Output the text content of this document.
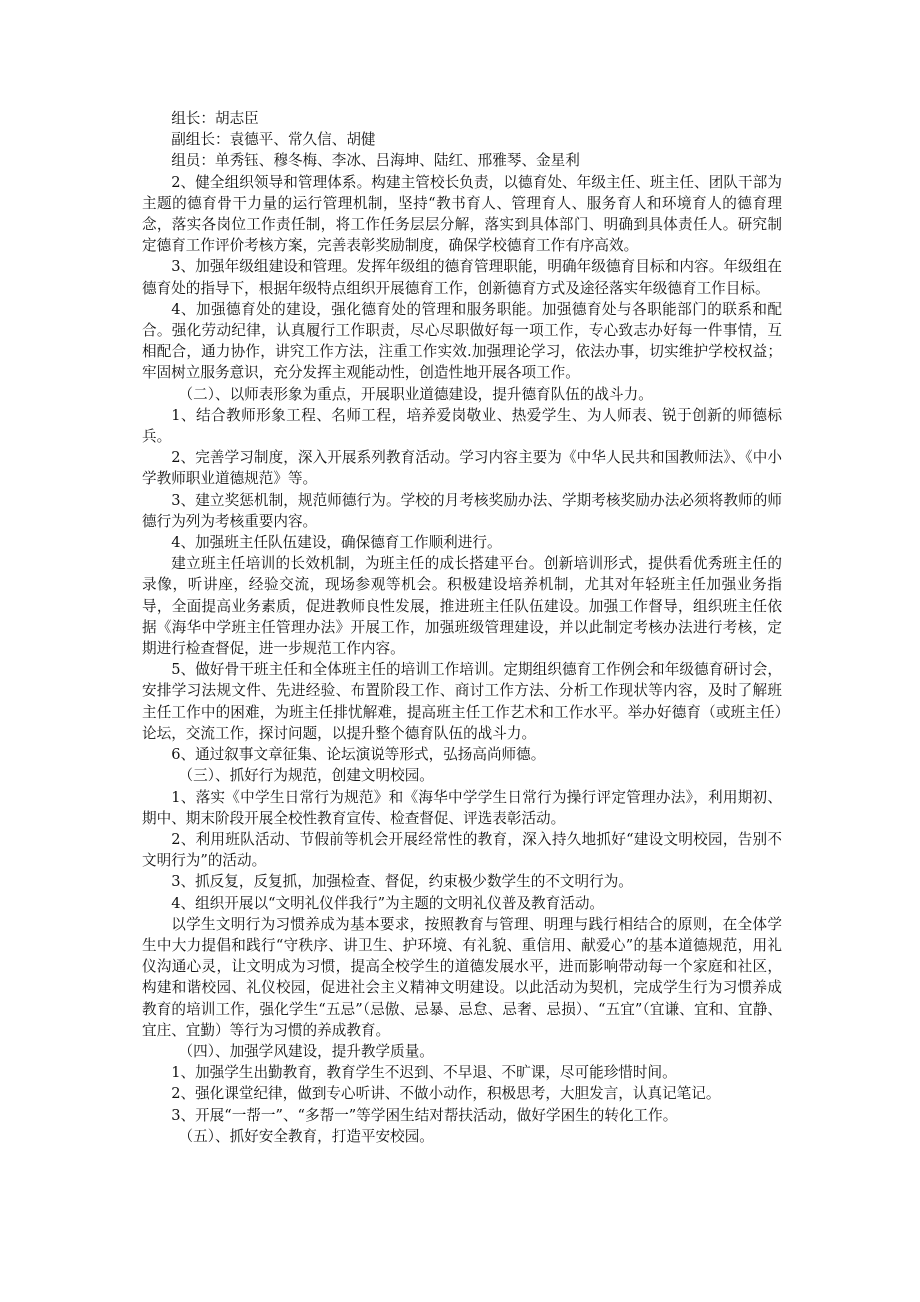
组长：胡志臣

副组长：袁德平、常久信、胡健

组员：单秀钰、穆冬梅、李冰、吕海坤、陆红、邢雅琴、金星利

2、健全组织领导和管理体系。构建主管校长负责，以德育处、年级主任、班主任、团队干部为主题的德育骨干力量的运行管理机制，坚持“教书育人、管理育人、服务育人和环境育人的德育理念，落实各岗位工作责任制，将工作任务层层分解，落实到具体部门、明确到具体责任人。研究制定德育工作评价考核方案，完善表彰奖励制度，确保学校德育工作有序高效。

3、加强年级组建设和管理。发挥年级组的德育管理职能，明确年级德育目标和内容。年级组在德育处的指导下，根据年级特点组织开展德育工作，创新德育方式及途径落实年级德育工作目标。

4、加强德育处的建设，强化德育处的管理和服务职能。加强德育处与各职能部门的联系和配合。强化劳动纪律，认真履行工作职责，尽心尽职做好每一项工作，专心致志办好每一件事情，互相配合，通力协作，讲究工作方法，注重工作实效.加强理论学习，依法办事，切实维护学校权益；牢固树立服务意识，充分发挥主观能动性，创造性地开展各项工作。

（二）、以师表形象为重点，开展职业道德建设，提升德育队伍的战斗力。

1、结合教师形象工程、名师工程，培养爱岗敬业、热爱学生、为人师表、锐于创新的师德标兵。

2、完善学习制度，深入开展系列教育活动。学习内容主要为《中华人民共和国教师法》、《中小学教师职业道德规范》等。

3、建立奖惩机制，规范师德行为。学校的月考核奖励办法、学期考核奖励办法必须将教师的师德行为列为考核重要内容。

4、加强班主任队伍建设，确保德育工作顺利进行。

建立班主任培训的长效机制，为班主任的成长搭建平台。创新培训形式，提供看优秀班主任的录像，听讲座，经验交流，现场参观等机会。积极建设培养机制，尤其对年轻班主任加强业务指导，全面提高业务素质，促进教师良性发展，推进班主任队伍建设。加强工作督导，组织班主任依据《海华中学班主任管理办法》开展工作，加强班级管理建设，并以此制定考核办法进行考核，定期进行检查督促，进一步规范工作内容。

5、做好骨干班主任和全体班主任的培训工作培训。定期组织德育工作例会和年级德育研讨会，安排学习法规文件、先进经验、布置阶段工作、商讨工作方法、分析工作现状等内容，及时了解班主任工作中的困难，为班主任排忧解难，提高班主任工作艺术和工作水平。举办好德育（或班主任）论坛，交流工作，探讨问题，以提升整个德育队伍的战斗力。

6、通过叙事文章征集、论坛演说等形式，弘扬高尚师德。

（三）、抓好行为规范，创建文明校园。

1、落实《中学生日常行为规范》和《海华中学学生日常行为操行评定管理办法》，利用期初、期中、期末阶段开展全校性教育宣传、检查督促、评选表彰活动。

2、利用班队活动、节假前等机会开展经常性的教育，深入持久地抓好“建设文明校园，告别不文明行为”的活动。

3、抓反复，反复抓，加强检查、督促，约束极少数学生的不文明行为。

4、组织开展以“文明礼仪伴我行”为主题的文明礼仪普及教育活动。

以学生文明行为习惯养成为基本要求，按照教育与管理、明理与践行相结合的原则，在全体学生中大力提倡和践行“守秩序、讲卫生、护环境、有礼貌、重信用、献爱心”的基本道德规范，用礼仪沟通心灵，让文明成为习惯，提高全校学生的道德发展水平，进而影响带动每一个家庭和社区，构建和谐校园、礼仪校园，促进社会主义精神文明建设。以此活动为契机，完成学生行为习惯养成教育的培训工作，强化学生“五忌”（忌傲、忌暴、忌怠、忌奢、忌损）、“五宜”（宜谦、宜和、宜静、宜庄、宜勤）等行为习惯的养成教育。

（四）、加强学风建设，提升教学质量。

1、加强学生出勤教育，教育学生不迟到、不早退、不旷课，尽可能珍惜时间。

2、强化课堂纪律，做到专心听讲、不做小动作，积极思考，大胆发言，认真记笔记。

3、开展“一帮一”、“多帮一”等学困生结对帮扶活动，做好学困生的转化工作。

（五）、抓好安全教育，打造平安校园。
